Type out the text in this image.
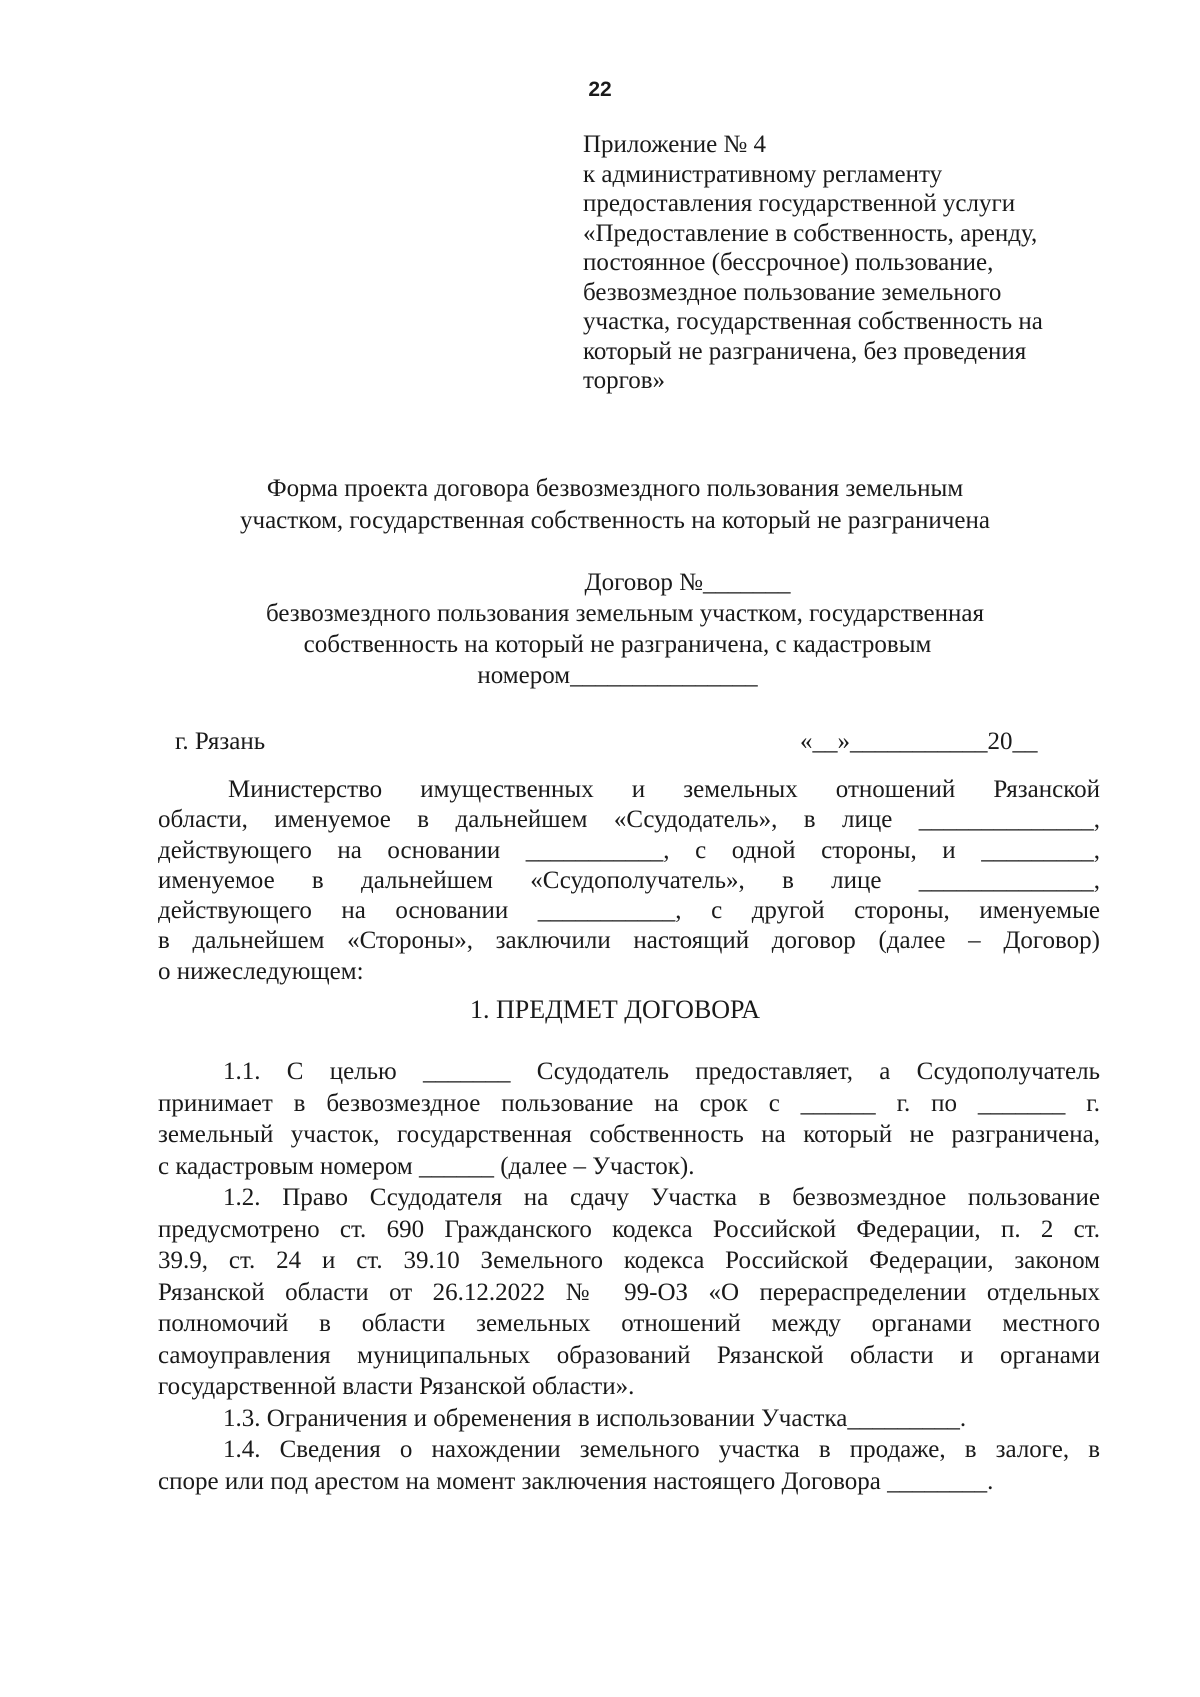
22
Приложение № 4
к административному регламенту
предоставления государственной услуги
«Предоставление в собственность, аренду,
постоянное (бессрочное) пользование,
безвозмездное пользование земельного
участка, государственная собственность на
который не разграничена, без проведения
торгов»
Форма проекта договора безвозмездного пользования земельным
участком, государственная собственность на который не разграничена
Договор №_______
безвозмездного пользования земельным участком, государственная
собственность на который не разграничена, с кадастровым
номером_______________
г. Рязань	«__»___________20__
Министерство имущественных и земельных отношений Рязанской
области, именуемое в дальнейшем «Ссудодатель», в лице ______________,
действующего на основании ___________, с одной стороны, и _________,
именуемое в дальнейшем «Ссудополучатель», в лице ______________,
действующего на основании ___________, с другой стороны, именуемые
в дальнейшем «Стороны», заключили настоящий договор (далее – Договор)
о нижеследующем:
1. ПРЕДМЕТ ДОГОВОРА
1.1. С целью _______ Ссудодатель предоставляет, а Ссудополучатель
принимает в безвозмездное пользование на срок с ______ г. по _______ г.
земельный участок, государственная собственность на который не разграничена,
с кадастровым номером ______ (далее – Участок).
1.2. Право Ссудодателя на сдачу Участка в безвозмездное пользование
предусмотрено ст. 690 Гражданского кодекса Российской Федерации, п. 2 ст.
39.9, ст. 24 и ст. 39.10 Земельного кодекса Российской Федерации, законом
Рязанской области от 26.12.2022 № 99-ОЗ «О перераспределении отдельных
полномочий в области земельных отношений между органами местного
самоуправления муниципальных образований Рязанской области и органами
государственной власти Рязанской области».
1.3. Ограничения и обременения в использовании Участка_________.
1.4. Сведения о нахождении земельного участка в продаже, в залоге, в
споре или под арестом на момент заключения настоящего Договора ________.
